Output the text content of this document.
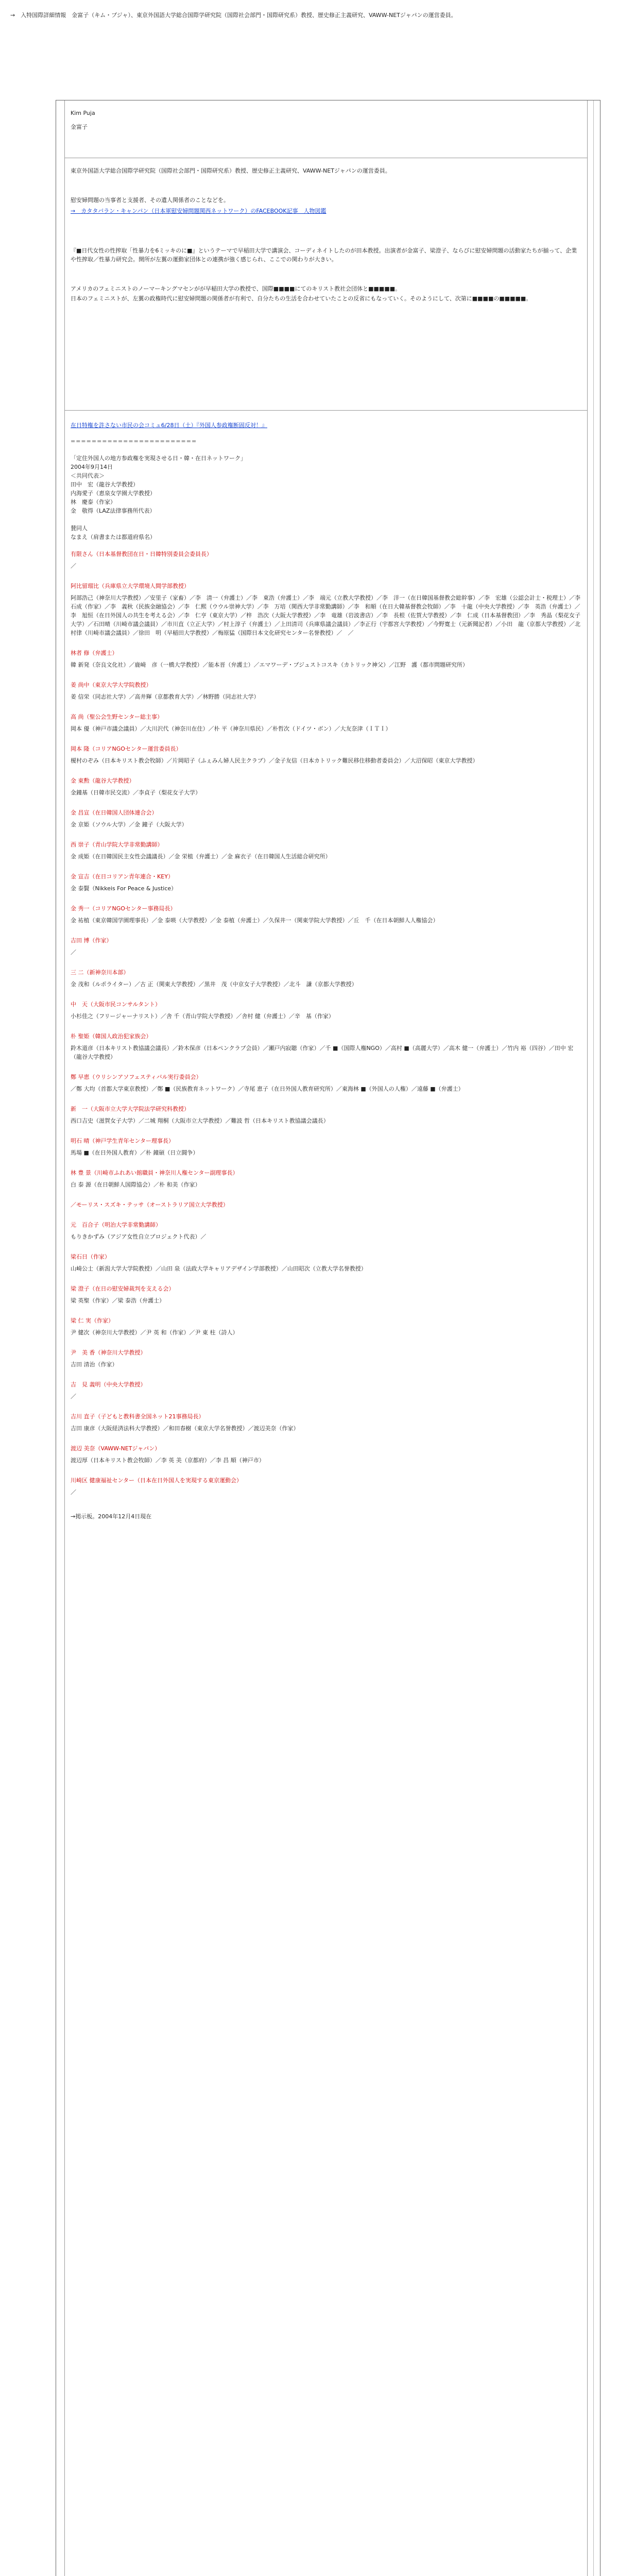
→　入特国際詳細情報　金富子（キム・プジャ）、東京外国語大学総合国際学研究院（国際社会部門・国際研究系）教授、歴史修正主義研究、VAWW-NETジャパンの運営委員。

Kim Puja

金富子

東京外国語大学総合国際学研究院（国際社会部門・国際研究系）教授、歴史修正主義研究、VAWW-NETジャパンの運営委員。

慰安婦問題の当事者と支援者、その遺人関係者のことなどを。

→　カタタバラン・キャンパン（日本軍慰安婦問題関西ネットワーク）のFACEBOOK記事　人物図鑑

『■日代女性の性搾取「性暴力を6ミッキのに■』というテーマで早稲田大学で講演会、コーディネイトしたのが田本教授。出演者が金富子、梁澄子、ならびに慰安婦問題の活動家たちが揃って、企業や性搾取／性暴力研究会。開所が左翼の運動家団体との連携が強く感じられ、ここでの関わりが大きい。

アメリカのフェミニストのノーマーキングマセンがが早稲田大学の教授で、国際■■■■にてのキリスト教社会団体と■■■■■。

日本のフェミニストが、左翼の政権時代に慰安婦問題の関係者が有利で、自分たちの生活を合わせていたことの反省にもなっていく。そのようにして、次第に■■■■の■■■■■。

在日特権を許さない市民の会コミュ6/28日（土）『外国人参政権断固反対！』

========================

「定住外国人の地方参政権を実現させる日・韓・在日ネットワーク」
2004年9月14日
＜共同代表＞
田中　宏（龍谷大学教授）
内海愛子（恵泉女学園大学教授）
林　慶泰（作家）
金　敬得（LAZ法律事務所代表）
賛同人
なまえ（肩書または都道府県名）
有限さん（日本基督教団在日・日韓特別委員会委員長）
／
阿比留瑠比（兵庫県立大学環境人間学部教授）
阿部浩己（神奈川大学教授）／安里子（家畜）／李　清一（弁護士）／李　東浩（弁護士）／李　端元（立教大学教授）／李　洋一（在日韓国基督教会総幹事）／李　宏雄（公認会計士・税理士）／李　石成（作家）／李　義秋（民族金融協会）／李　仁熙（ウウル崇神大学）／李　万培（関西大学非常勤講師）／李　和順（在日大韓基督教会牧師）／李　十龍（中央大学教授）／李　英浩（弁護士）／李　旭恒（在日外国人の共生を考える会）／李　仁亨（東京大学）／梓　浩次（大阪大学教授）／李　竜雄（岩波書店）／李　長根（佐賀大学教授）／李　仁成（日本基督教団）／李　秀晶（梨花女子大学）／石田晴（川崎市議会議員）／市川直（立正大学）／村上淳子（弁護士）／上田清司（兵庫県議会議員）／李正行（宇都宮大学教授）／今野寛士（元新聞記者）／小田　龍（京都大学教授）／北村律（川崎市議会議員）／徐田　明（早稲田大学教授）／梅原猛（国際日本文化研究センター名誉教授）／　／
林者 修（弁護士）
韓 新発（奈良文化社）／鹿崎　彦（一橋大学教授）／能本晋（弁護士）／エマワーデ・プジュストコスキ（カトリック神父）／江野　護（都市問題研究所）
姜 尚中（東京大学大学院教授）
姜 信栄（同志社大学）／高井輝（京都教育大学）／林野勝（同志社大学）
高 尚（聖公会生野センター総主事）
岡本 優（神戸市議会議員）／大川沢代（神奈川在住）／朴 平（神奈川県民）／朴哲次（ドイツ・ボン）／大友奈津（ＩＴＩ）
岡本 隆（コリアNGOセンター運営委員長）
榎村のぞみ（日本キリスト教会牧師）／片岡昭子（ふぇみん婦人民主クラブ）／金子友信（日本カトリック難民移住移動者委員会）／大沼保昭（東京大学教授）
金 東勲（龍谷大学教授）
金鐘基（日韓市民交流）／李貞子（梨花女子大学）
金 昌宣（在日韓国人団体連合会）
金 京姫（ソウル大学）／金 鐘子（大阪大学）
西 崇子（青山学院大学非常勤講師）
金 成姫（在日韓国民主女性会議議長）／金 栄植（弁護士）／金 麻衣子（在日韓国人生活総合研究所）
金 宣吉（在日コリアン青年連合・KEY）
金 泰賢（Nikkeis For Peace & Justice）
金 秀一（コリアNGOセンター事務局長）
金 祐植（東京韓国学園理事長）／金 泰暎（大学教授）／金 泰植（弁護士）／久保井一（関東学院大学教授）／丘　千（在日本朝鮮人人権協会）
吉田 博（作家）
／
三 二（新神奈川本部）
金 茂和（ルポライター）／古 正（関東大学教授）／黒井　茂（中京女子大学教授）／北斗　謙（京都大学教授）
中　天（大阪市民コンサルタント）
小杉佳之（フリージャーナリスト）／舎 千（青山学院大学教授）／舎村 健（弁護士）／辛　基（作家）
朴 聖姫（韓国人政治犯家族会）
鈴木道彦（日本キリスト教協議会議長）／鈴木保彦（日本ペンクラブ会員）／瀬戸内寂聴（作家）／千 ■（国際人権NGO）／高村 ■（高麗大学）／高木 健一（弁護士）／竹内 裕（四谷）／田中 宏（龍谷大学教授）
鄭 早恵（ウリシンアソフェスティバル実行委員会）
／鄭 大均（首都大学東京教授）／鄭 ■（民族教育ネットワーク）／寺尾 恵子（在日外国人教育研究所）／東海林 ■（外国人の人権）／遠藤 ■（弁護士）
新　一（大阪市立大学大学院法学研究科教授）
西口吉史（滋賀女子大学）／二城 翔桐（大阪市立大学教授）／難波 哲（日本キリスト教協議会議長）
明石 晴（神戸学生青年センター理事長）
馬場 ■（在日外国人教育）／朴 鐘碩（日立闘争）
林 豊 景（川崎市ふれあい館職員・神奈川人権センター副理事長）
白 泰 源（在日朝鮮人国際協会）／朴 和美（作家）
／モーリス・スズキ・テッサ（オーストラリア国立大学教授）
元　百合子（明治大学非常勤講師）
もりきかずみ（アジア女性自立プロジェクト代表）／
梁石日（作家）
山崎公士（新潟大学大学院教授）／山田 泉（法政大学キャリアデザイン学部教授）／山田昭次（立教大学名誉教授）
梁 澄子（在日の慰安婦裁判を支える会）
梁 英聖（作家）／梁 泰浩（弁護士）
梁 仁 実（作家）
尹 健次（神奈川大学教授）／尹 英 和（作家）／尹 東 柱（詩人）
尹　美 香（神奈川大学教授）
吉田 清治（作家）
吉　見 義明（中央大学教授）
／
吉川 直子（子どもと教科書全国ネット21事務局長）
吉田 康彦（大阪経済法科大学教授）／和田春樹（東京大学名誉教授）／渡辺美奈（作家）
渡辺 美奈（VAWW-NETジャパン）
渡辺厚（日本キリスト教会牧師）／李 英 美（京都府）／李 昌 順（神戸市）
川崎区 健康福祉センター（日本在日外国人を実現する東京運動会）
／

→掲示板。2004年12月4日現在
